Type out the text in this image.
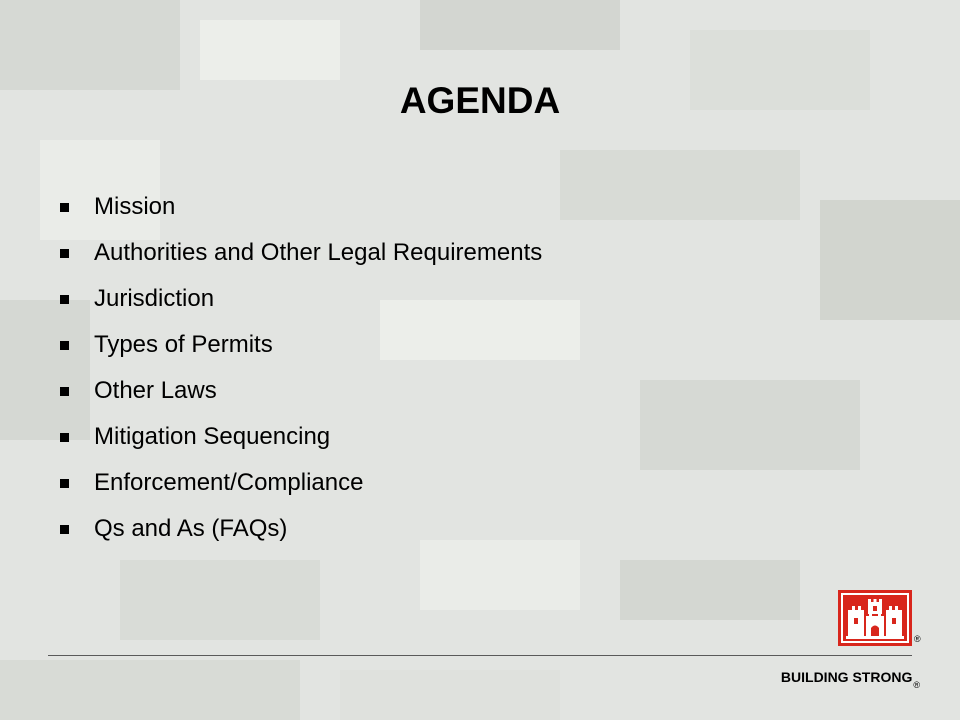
AGENDA
Mission
Authorities and Other Legal Requirements
Jurisdiction
Types of Permits
Other Laws
Mitigation Sequencing
Enforcement/Compliance
Qs and As (FAQs)
®
BUILDING $STRONG_®$
